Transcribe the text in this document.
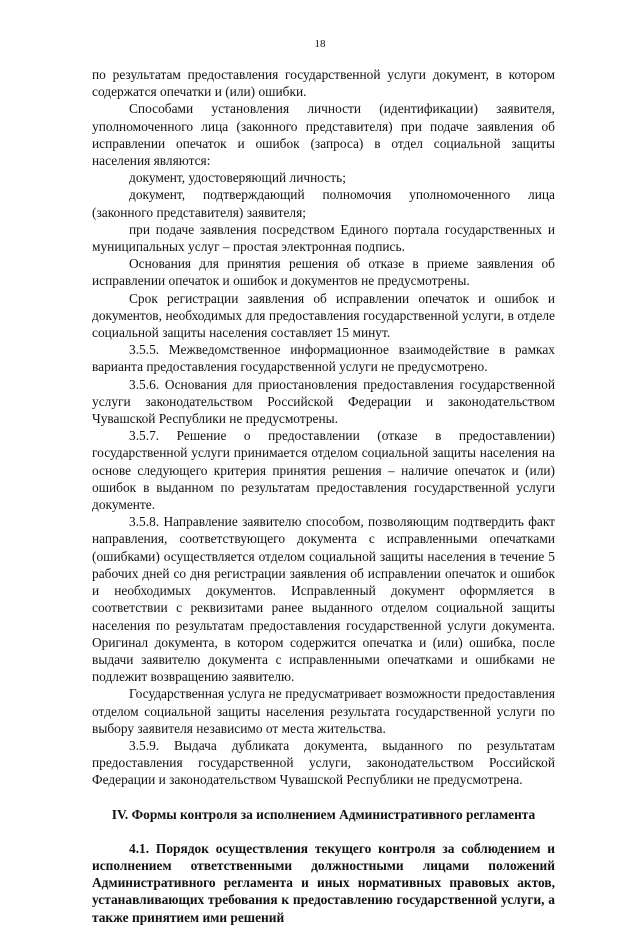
18

по результатам предоставления государственной услуги документ, в котором содержатся опечатки и (или) ошибки.

Способами установления личности (идентификации) заявителя, уполномоченного лица (законного представителя) при подаче заявления об исправлении опечаток и ошибок (запроса) в отдел социальной защиты населения являются:

документ, удостоверяющий личность;

документ, подтверждающий полномочия уполномоченного лица (законного представителя) заявителя;

при подаче заявления посредством Единого портала государственных и муниципальных услуг – простая электронная подпись.

Основания для принятия решения об отказе в приеме заявления об исправлении опечаток и ошибок и документов не предусмотрены.

Срок регистрации заявления об исправлении опечаток и ошибок и документов, необходимых для предоставления государственной услуги, в отделе социальной защиты населения составляет 15 минут.

3.5.5. Межведомственное информационное взаимодействие в рамках варианта предоставления государственной услуги не предусмотрено.

3.5.6. Основания для приостановления предоставления государственной услуги законодательством Российской Федерации и законодательством Чувашской Республики не предусмотрены.

3.5.7. Решение о предоставлении (отказе в предоставлении) государственной услуги принимается отделом социальной защиты населения на основе следующего критерия принятия решения – наличие опечаток и (или) ошибок в выданном по результатам предоставления государственной услуги документе.

3.5.8. Направление заявителю способом, позволяющим подтвердить факт направления, соответствующего документа с исправленными опечатками (ошибками) осуществляется отделом социальной защиты населения в течение 5 рабочих дней со дня регистрации заявления об исправлении опечаток и ошибок и необходимых документов. Исправленный документ оформляется в соответствии с реквизитами ранее выданного отделом социальной защиты населения по результатам предоставления государственной услуги документа. Оригинал документа, в котором содержится опечатка и (или) ошибка, после выдачи заявителю документа с исправленными опечатками и ошибками не подлежит возвращению заявителю.

Государственная услуга не предусматривает возможности предоставления отделом социальной защиты населения результата государственной услуги по выбору заявителя независимо от места жительства.

3.5.9. Выдача дубликата документа, выданного по результатам предоставления государственной услуги, законодательством Российской Федерации и законодательством Чувашской Республики не предусмотрена.

IV. Формы контроля за исполнением Административного регламента

4.1. Порядок осуществления текущего контроля за соблюдением и исполнением ответственными должностными лицами положений Административного регламента и иных нормативных правовых актов, устанавливающих требования к предоставлению государственной услуги, а также принятием ими решений
